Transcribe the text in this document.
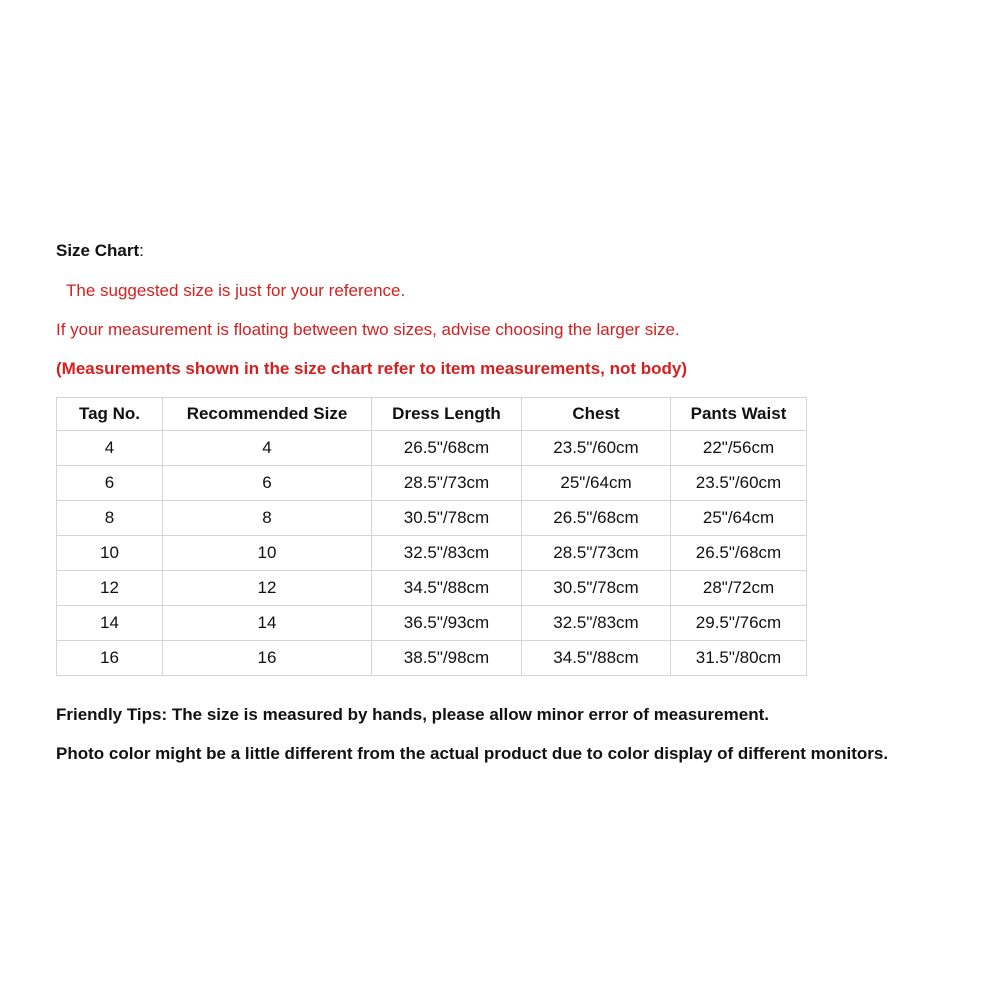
Size Chart:
The suggested size is just for your reference.
If your measurement is floating between two sizes, advise choosing the larger size.
(Measurements shown in the size chart refer to item measurements, not body)
Tag No.	Recommended Size	Dress Length	Chest	Pants Waist
4	4	26.5"/68cm	23.5"/60cm	22"/56cm
6	6	28.5"/73cm	25"/64cm	23.5"/60cm
8	8	30.5"/78cm	26.5"/68cm	25"/64cm
10	10	32.5"/83cm	28.5"/73cm	26.5"/68cm
12	12	34.5"/88cm	30.5"/78cm	28"/72cm
14	14	36.5"/93cm	32.5"/83cm	29.5"/76cm
16	16	38.5"/98cm	34.5"/88cm	31.5"/80cm
Friendly Tips: The size is measured by hands, please allow minor error of measurement.
Photo color might be a little different from the actual product due to color display of different monitors.
